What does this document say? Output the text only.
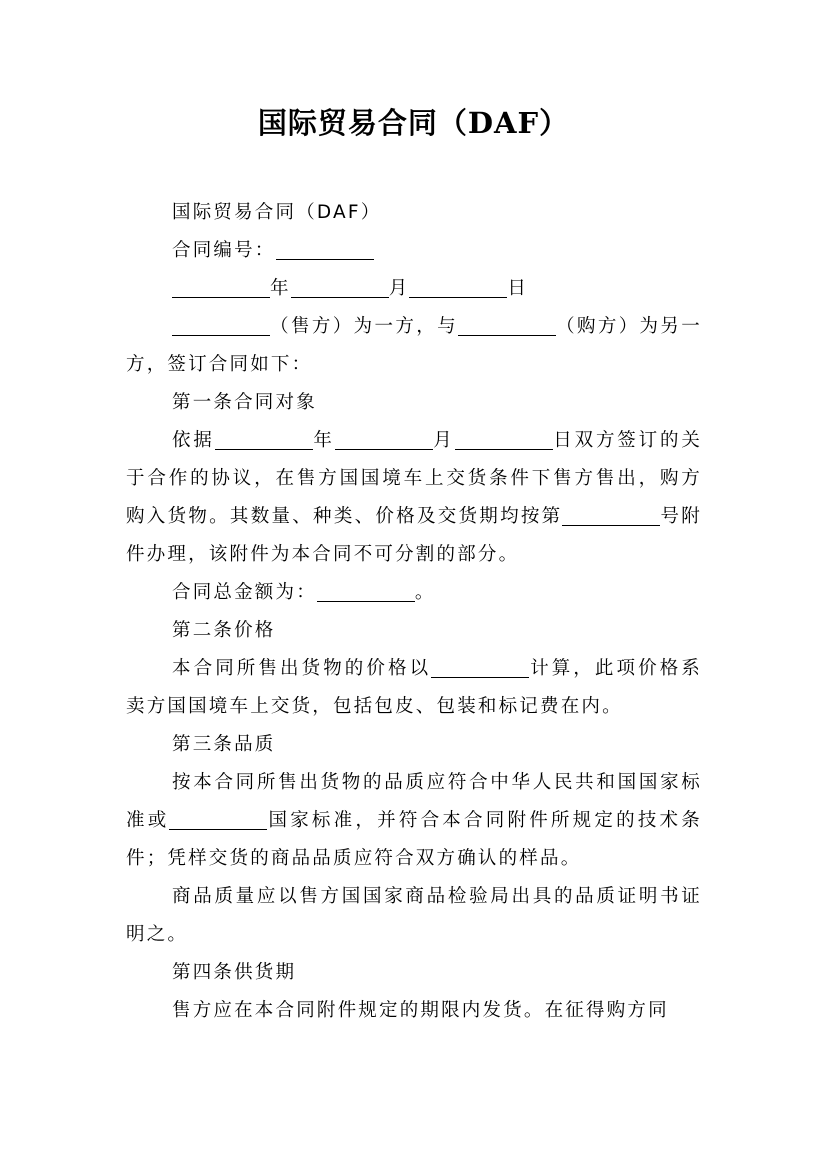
国际贸易合同（DAF）

国际贸易合同（DAF）

合同编号：

年	月	日

（售方）为一方，与	（购方）为另一方，签订合同如下：

第一条合同对象

依据	年	月	日双方签订的关于合作的协议，在售方国国境车上交货条件下售方售出，购方购入货物。其数量、种类、价格及交货期均按第	号附件办理，该附件为本合同不可分割的部分。

合同总金额为：	。

第二条价格

本合同所售出货物的价格以	计算，此项价格系卖方国国境车上交货，包括包皮、包装和标记费在内。

第三条品质

按本合同所售出货物的品质应符合中华人民共和国国家标准或	国家标准，并符合本合同附件所规定的技术条件；凭样交货的商品品质应符合双方确认的样品。

商品质量应以售方国国家商品检验局出具的品质证明书证明之。

第四条供货期

售方应在本合同附件规定的期限内发货。在征得购方同
